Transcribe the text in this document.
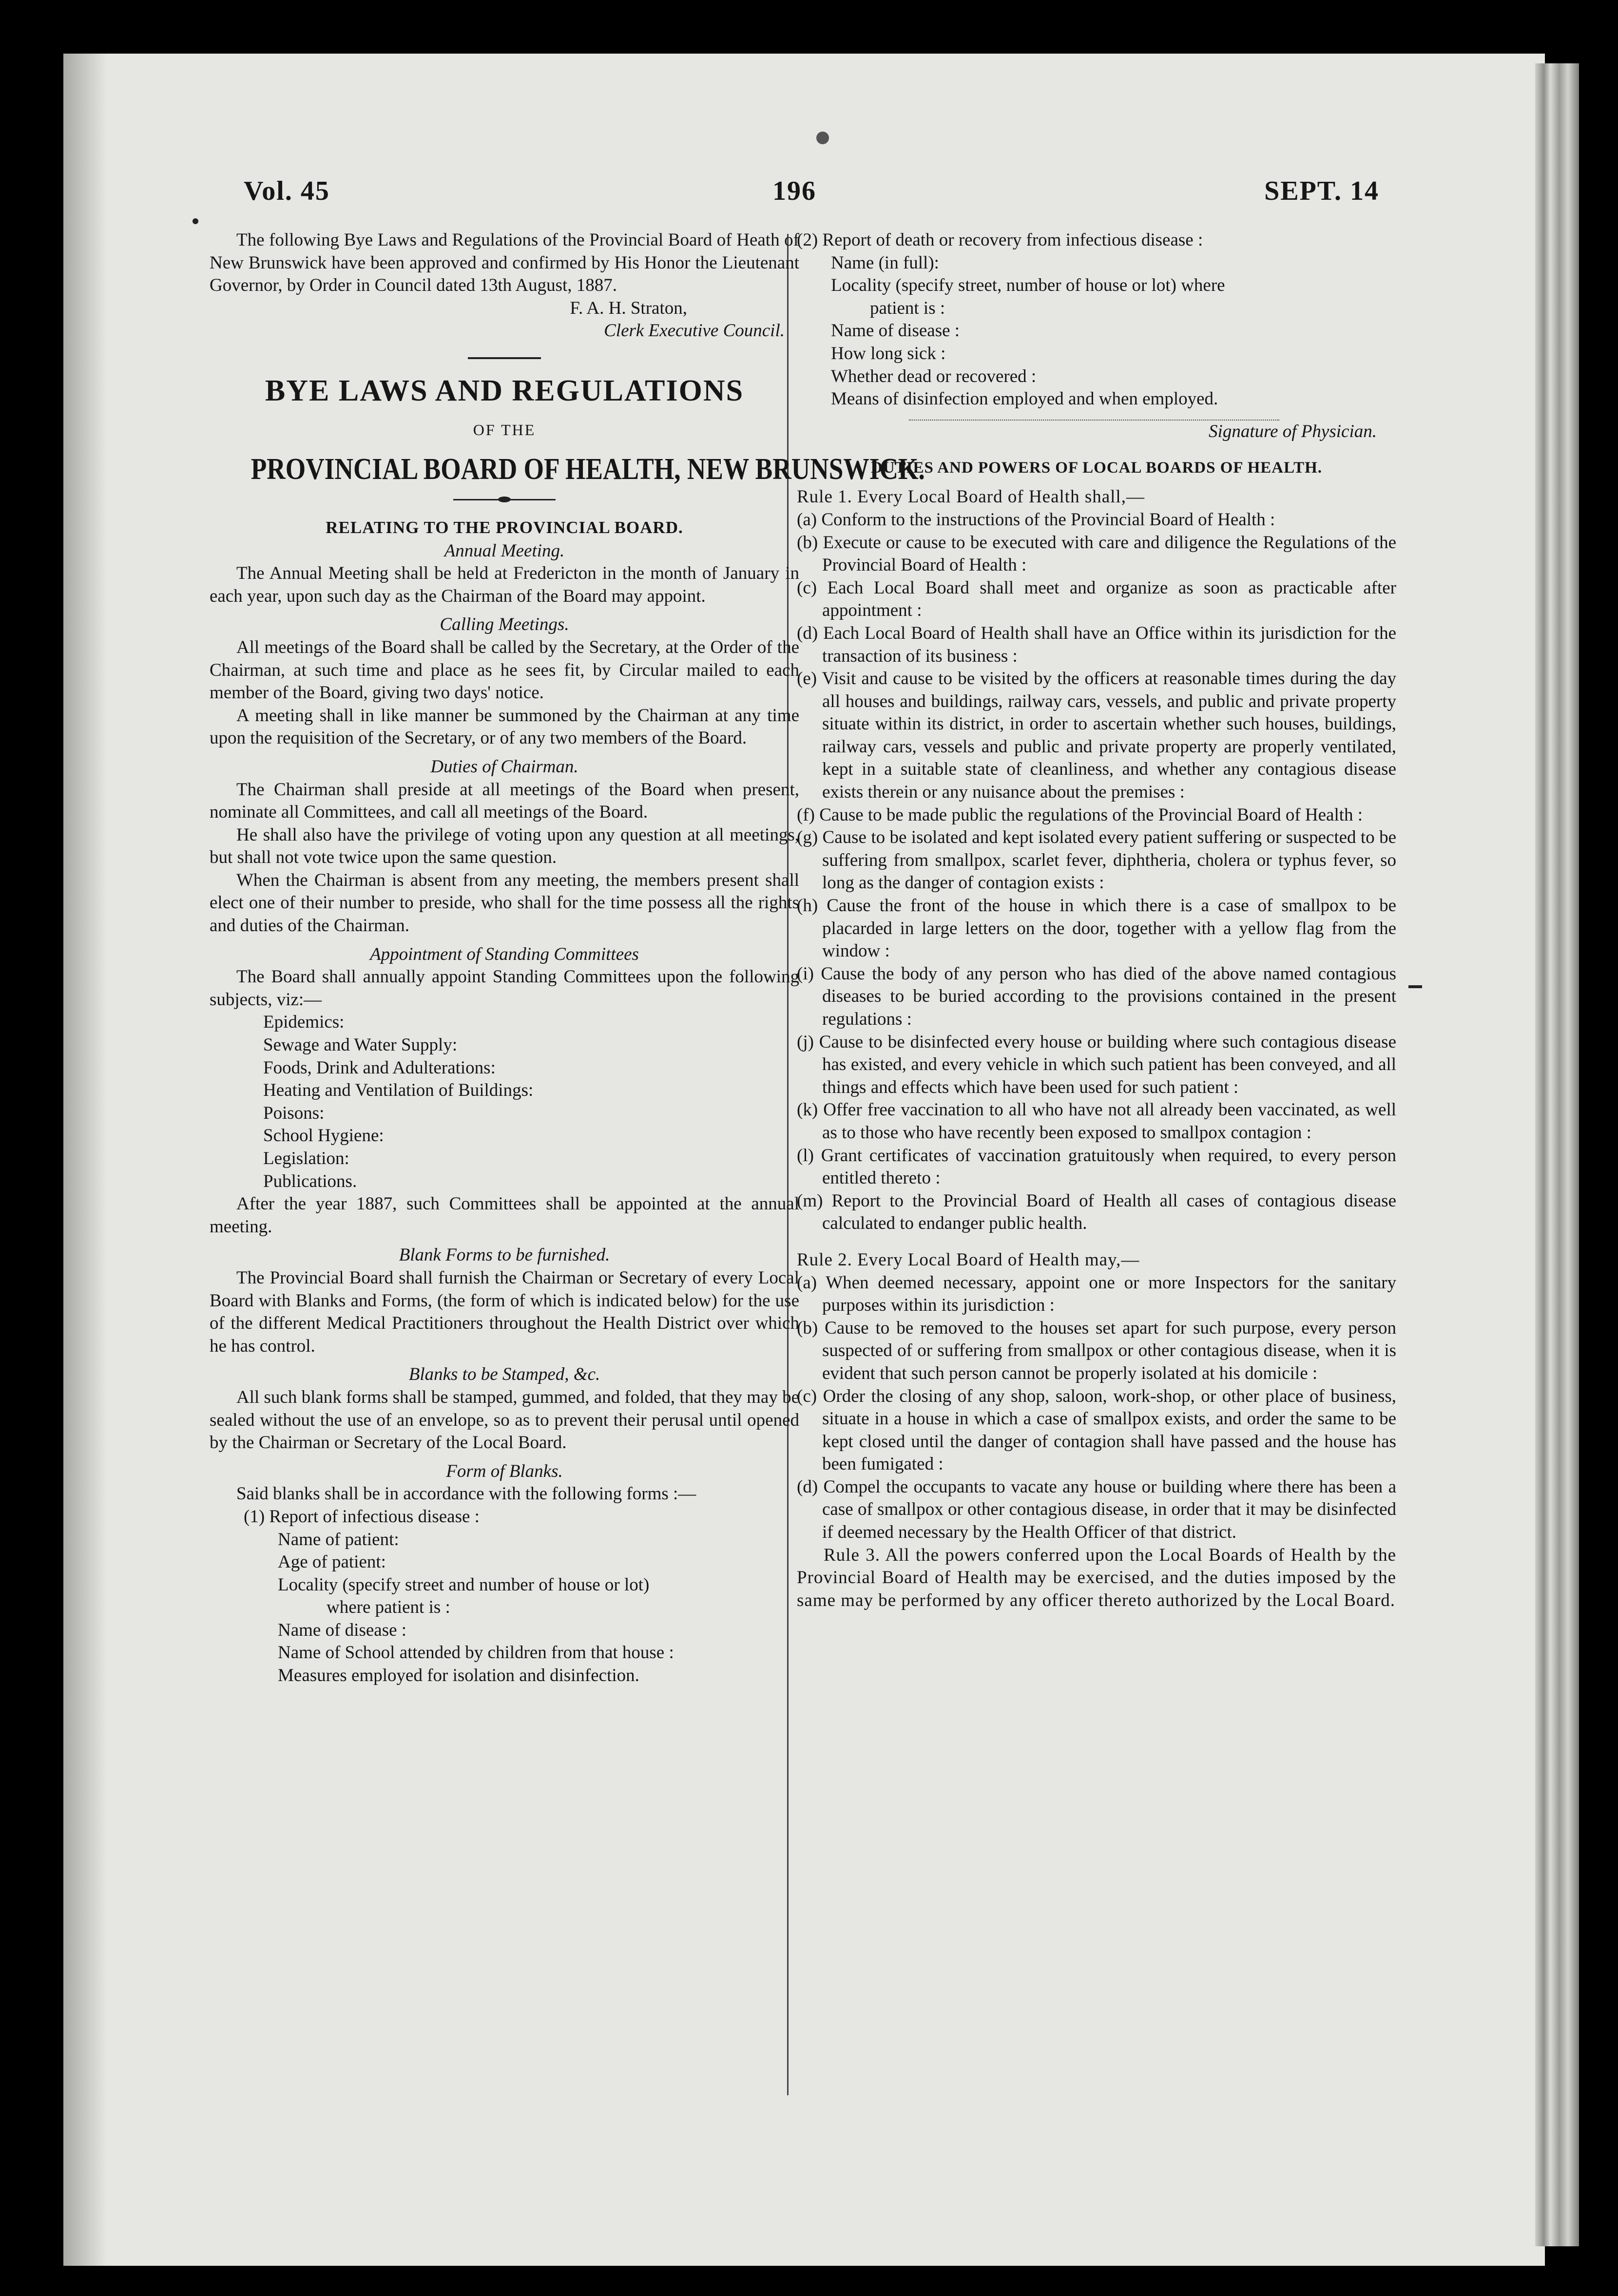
Vol. 45	196	SEPT. 14

The following Bye Laws and Regulations of the Provincial Board of Heath of New Brunswick have been approved and confirmed by His Honor the Lieutenant Governor, by Order in Council dated 13th August, 1887.

F. A. H. Straton,

Clerk Executive Council.

BYE LAWS AND REGULATIONS
OF THE
PROVINCIAL BOARD OF HEALTH, NEW BRUNSWICK.
RELATING TO THE PROVINCIAL BOARD.

Annual Meeting.

The Annual Meeting shall be held at Fredericton in the month of January in each year, upon such day as the Chairman of the Board may appoint.

Calling Meetings.

All meetings of the Board shall be called by the Secretary, at the Order of the Chairman, at such time and place as he sees fit, by Circular mailed to each member of the Board, giving two days' notice.

A meeting shall in like manner be summoned by the Chairman at any time upon the requisition of the Secretary, or of any two members of the Board.

Duties of Chairman.

The Chairman shall preside at all meetings of the Board when present, nominate all Committees, and call all meetings of the Board.

He shall also have the privilege of voting upon any question at all meetings, but shall not vote twice upon the same question.

When the Chairman is absent from any meeting, the members present shall elect one of their number to preside, who shall for the time possess all the rights and duties of the Chairman.

Appointment of Standing Committees

The Board shall annually appoint Standing Committees upon the following subjects, viz:—

Epidemics:
Sewage and Water Supply:
Foods, Drink and Adulterations:
Heating and Ventilation of Buildings:
Poisons:
School Hygiene:
Legislation:
Publications.

After the year 1887, such Committees shall be appointed at the annual meeting.

Blank Forms to be furnished.

The Provincial Board shall furnish the Chairman or Secretary of every Local Board with Blanks and Forms, (the form of which is indicated below) for the use of the different Medical Practitioners throughout the Health District over which he has control.

Blanks to be Stamped, &c.

All such blank forms shall be stamped, gummed, and folded, that they may be sealed without the use of an envelope, so as to prevent their perusal until opened by the Chairman or Secretary of the Local Board.

Form of Blanks.

Said blanks shall be in accordance with the following forms :—

(1) Report of infectious disease :
Name of patient:
Age of patient:
Locality (specify street and number of house or lot)
where patient is :
Name of disease :
Name of School attended by children from that house :
Measures employed for isolation and disinfection.
(2) Report of death or recovery from infectious disease :
Name (in full):
Locality (specify street, number of house or lot) where
patient is :
Name of disease :
How long sick :
Whether dead or recovered :
Means of disinfection employed and when employed.

Signature of Physician.

DUTIES AND POWERS OF LOCAL BOARDS OF HEALTH.

Rule 1. Every Local Board of Health shall,—

(a) Conform to the instructions of the Provincial Board of Health :

(b) Execute or cause to be executed with care and diligence the Regulations of the Provincial Board of Health :

(c) Each Local Board shall meet and organize as soon as practicable after appointment :

(d) Each Local Board of Health shall have an Office within its jurisdiction for the transaction of its business :

(e) Visit and cause to be visited by the officers at reasonable times during the day all houses and buildings, railway cars, vessels, and public and private property situate within its district, in order to ascertain whether such houses, buildings, railway cars, vessels and public and private property are properly ventilated, kept in a suitable state of cleanliness, and whether any contagious disease exists therein or any nuisance about the premises :

(f) Cause to be made public the regulations of the Provincial Board of Health :

(g) Cause to be isolated and kept isolated every patient suffering or suspected to be suffering from smallpox, scarlet fever, diphtheria, cholera or typhus fever, so long as the danger of contagion exists :

(h) Cause the front of the house in which there is a case of smallpox to be placarded in large letters on the door, together with a yellow flag from the window :

(i) Cause the body of any person who has died of the above named contagious diseases to be buried according to the provisions contained in the present regulations :

(j) Cause to be disinfected every house or building where such contagious disease has existed, and every vehicle in which such patient has been conveyed, and all things and effects which have been used for such patient :

(k) Offer free vaccination to all who have not all already been vaccinated, as well as to those who have recently been exposed to smallpox contagion :

(l) Grant certificates of vaccination gratuitously when required, to every person entitled thereto :

(m) Report to the Provincial Board of Health all cases of contagious disease calculated to endanger public health.

Rule 2. Every Local Board of Health may,—

(a) When deemed necessary, appoint one or more Inspectors for the sanitary purposes within its jurisdiction :

(b) Cause to be removed to the houses set apart for such purpose, every person suspected of or suffering from smallpox or other contagious disease, when it is evident that such person cannot be properly isolated at his domicile :

(c) Order the closing of any shop, saloon, work-shop, or other place of business, situate in a house in which a case of smallpox exists, and order the same to be kept closed until the danger of contagion shall have passed and the house has been fumigated :

(d) Compel the occupants to vacate any house or building where there has been a case of smallpox or other contagious disease, in order that it may be disinfected if deemed necessary by the Health Officer of that district.

Rule 3. All the powers conferred upon the Local Boards of Health by the Provincial Board of Health may be exercised, and the duties imposed by the same may be performed by any officer thereto authorized by the Local Board.
